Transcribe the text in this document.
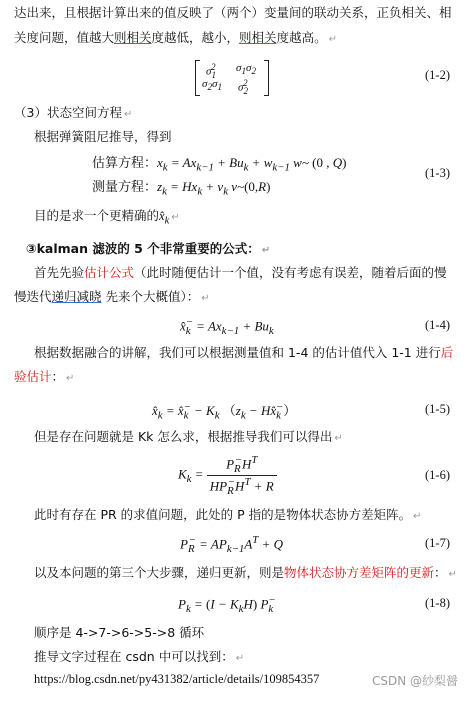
达出来，且根据计算出来的值反映了（两个）变量间的联动关系，正负相关、相
关度问题，值越大则相关度越低，越小，则相关度越高。 ↵
$\sigma_1^2$ $\sigma_1\sigma_2$
$\sigma_2\sigma_1$ $\sigma_2^2$
(1-2)
（3）状态空间方程 ↵
根据弹簧阻尼推导，得到
估算方程：$x_k = Ax_{k-1} + Bu_k + w_{k-1}$ w~ (0 , Q)
测量方程：$z_k = Hx_k + v_k$ v~(0,R)
(1-3)
目的是求一个更精确的$x̂_k$ ↵
③kalman 滤波的 5 个非常重要的公式： ↵
首先先验估计公式（此时随便估计一个值，没有考虑有误差，随着后面的慢
慢迭代递归减晓 先来个大概值）： ↵
$x̂_k^- = Ax_{k-1} + Bu_k$	(1-4)
根据数据融合的讲解，我们可以根据测量值和 1-4 的估计值代入 1-1 进行后
验估计： ↵
$x̂_k$ = $x̂_k^- - K_k$ （$z_k$ − $Hx̂_k^-$）	(1-5)
但是存在问题就是 Kk 怎么求，根据推导我们可以得出 ↵
$K_k = \frac{P_R^-H^T}{HP_R^-H^T + R}$	(1-6)
此时有存在 PR 的求值问题，此处的 P 指的是物体状态协方差矩阵。 ↵
$P_R^- = AP_{k-1}A^T + Q$	(1-7)
以及本问题的第三个大步骤，递归更新，则是物体状态协方差矩阵的更新： ↵
$P_k = (I - K_kH)$ $P_k^-$	(1-8)
顺序是 4->7->6->5->8 循环
推导文字过程在 csdn 中可以找到： ↵
https://blog.csdn.net/py431382/article/details/109854357	CSDN @紗梨醤
